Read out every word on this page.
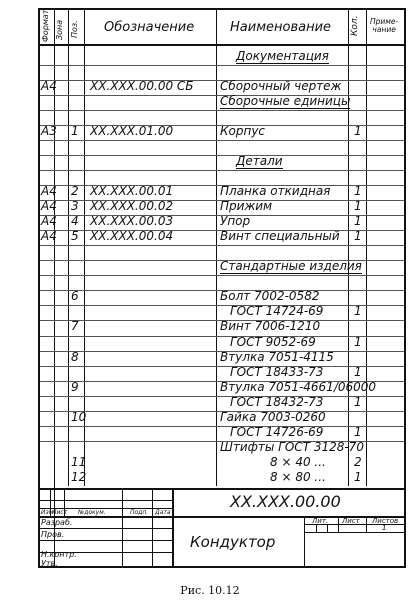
Формат Зона Поз. Обозначение	Наименование Кол. Приме-
чание
Документация
А4	XX.XXX.00.00 СБ Сборочный чертеж
Сборочные единицы
А3 1 XX.XXX.01.00	Корпус	1
Детали
А4 2 XX.XXX.00.01	Планка откидная 1
А4 3 XX.XXX.00.02	Прижим	1
А4 4 XX.XXX.00.03	Упор	1
А4 5 XX.XXX.00.04	Винт специальный 1
Стандартные изделия
6	Болт 7002-0582
ГОСТ 14724-69	1
7	Винт 7006-1210
ГОСТ 9052-69	1
8	Втулка 7051-4115
ГОСТ 18433-73	1
9	Втулка 7051-4661/06000
ГОСТ 18432-73	1
10	Гайка 7003-0260
ГОСТ 14726-69	1
Штифты ГОСТ 3128-70
11	8 × 40 ... 2
12	8 × 80 ... 1
XX.XXX.00.00
Кондуктор
Изм
Лист №докум.	Подп. Дата
Разраб.
Пров.
Н.контр.
Утв.
Лит. Лист Листов
1
Рис. 10.12
